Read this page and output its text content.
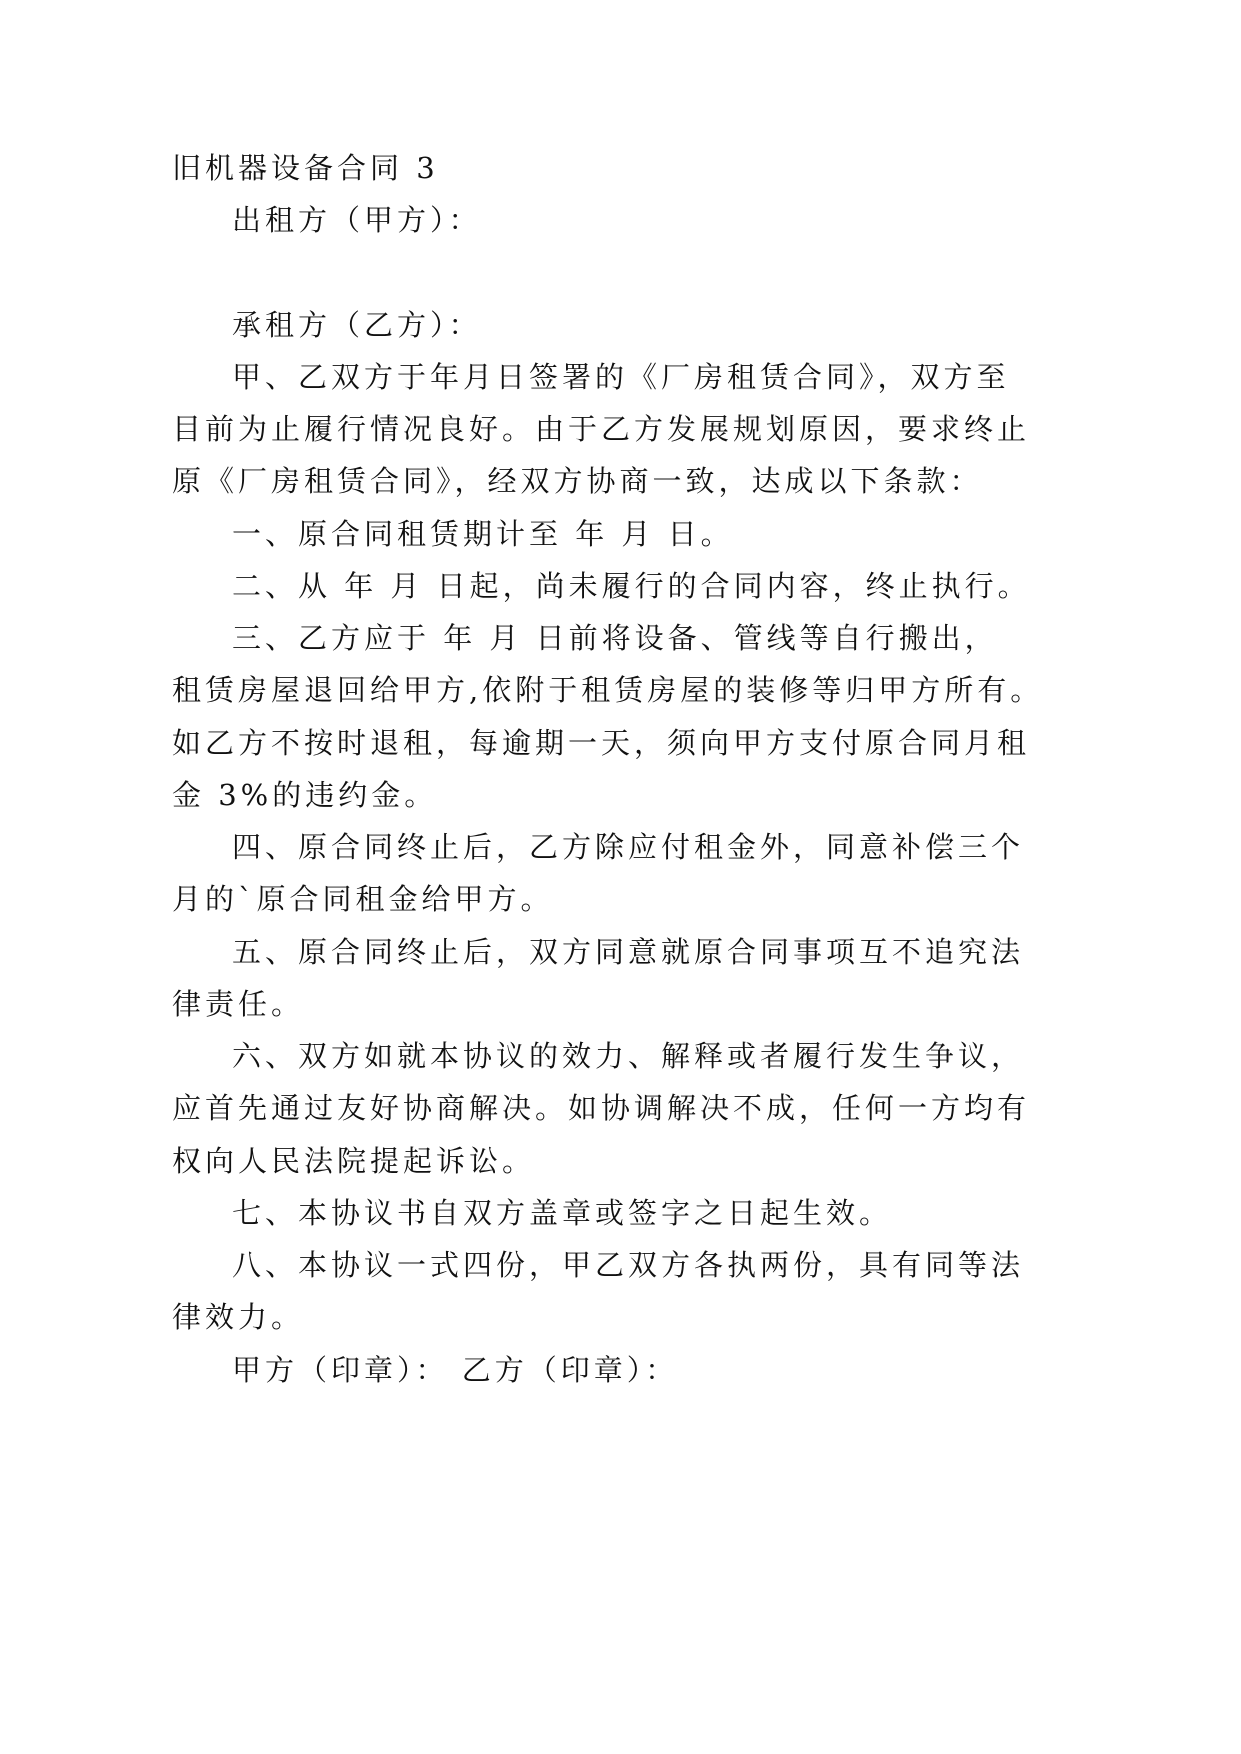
旧机器设备合同 3
出租方（甲方）：
承租方（乙方）：
甲、乙双方于年月日签署的《厂房租赁合同》，双方至
目前为止履行情况良好。由于乙方发展规划原因，要求终止
原《厂房租赁合同》，经双方协商一致，达成以下条款：
一、原合同租赁期计至 年 月 日。
二、从 年 月 日起，尚未履行的合同内容，终止执行。
三、乙方应于 年 月 日前将设备、管线等自行搬出，
租赁房屋退回给甲方,依附于租赁房屋的装修等归甲方所有。
如乙方不按时退租，每逾期一天，须向甲方支付原合同月租
金 3%的违约金。
四、原合同终止后，乙方除应付租金外，同意补偿三个
月的`原合同租金给甲方。
五、原合同终止后，双方同意就原合同事项互不追究法
律责任。
六、双方如就本协议的效力、解释或者履行发生争议，
应首先通过友好协商解决。如协调解决不成，任何一方均有
权向人民法院提起诉讼。
七、本协议书自双方盖章或签字之日起生效。
八、本协议一式四份，甲乙双方各执两份，具有同等法
律效力。
甲方（印章）： 乙方（印章）：
